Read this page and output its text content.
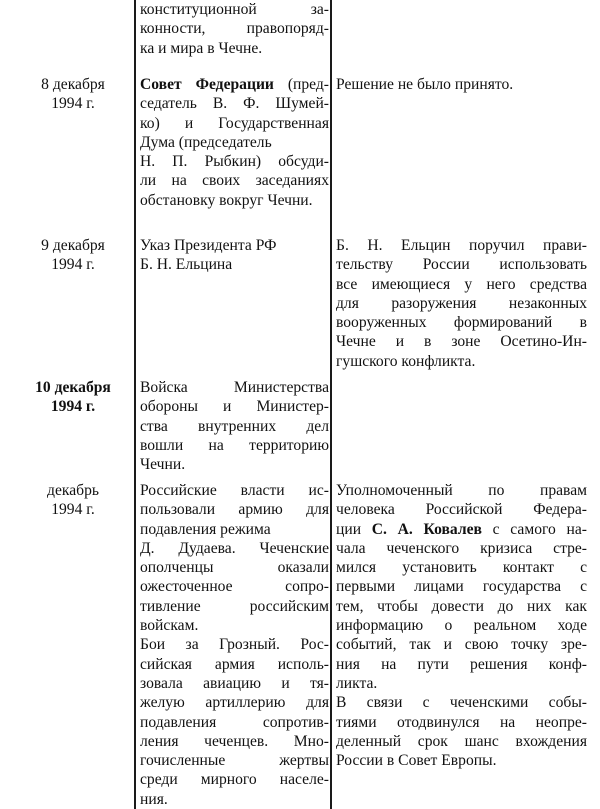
конституционной за-
конности, правопоряд-
ка и мира в Чечне.
8 декабря
1994 г.
Совет Федерации (пред-
седатель В. Ф. Шумей-
ко) и Государственная
Дума (председатель
Н. П. Рыбкин) обсуди-
ли на своих заседаниях
обстановку вокруг Чечни.
Решение не было принято.
9 декабря
1994 г.
Указ Президента РФ
Б. Н. Ельцина
Б. Н. Ельцин поручил прави-
тельству России использовать
все имеющиеся у него средства
для разоружения незаконных
вооруженных формирований в
Чечне и в зоне Осетино-Ин-
гушского конфликта.
10 декабря
1994 г.
Войска Министерства
обороны и Министер-
ства внутренних дел
вошли на территорию
Чечни.
декабрь
1994 г.
Российские власти ис-
пользовали армию для
подавления режима
Д. Дудаева. Чеченские
ополченцы оказали
ожесточенное сопро-
тивление российским
войскам.
Бои за Грозный. Рос-
сийская армия исполь-
зовала авиацию и тя-
желую артиллерию для
подавления сопротив-
ления чеченцев. Мно-
гочисленные жертвы
среди мирного населе-
ния.
Уполномоченный по правам
человека Российской Федера-
ции С. А. Ковалев с самого на-
чала чеченского кризиса стре-
мился установить контакт с
первыми лицами государства с
тем, чтобы довести до них как
информацию о реальном ходе
событий, так и свою точку зре-
ния на пути решения конф-
ликта.
В связи с чеченскими собы-
тиями отодвинулся на неопре-
деленный срок шанс вхождения
России в Совет Европы.
